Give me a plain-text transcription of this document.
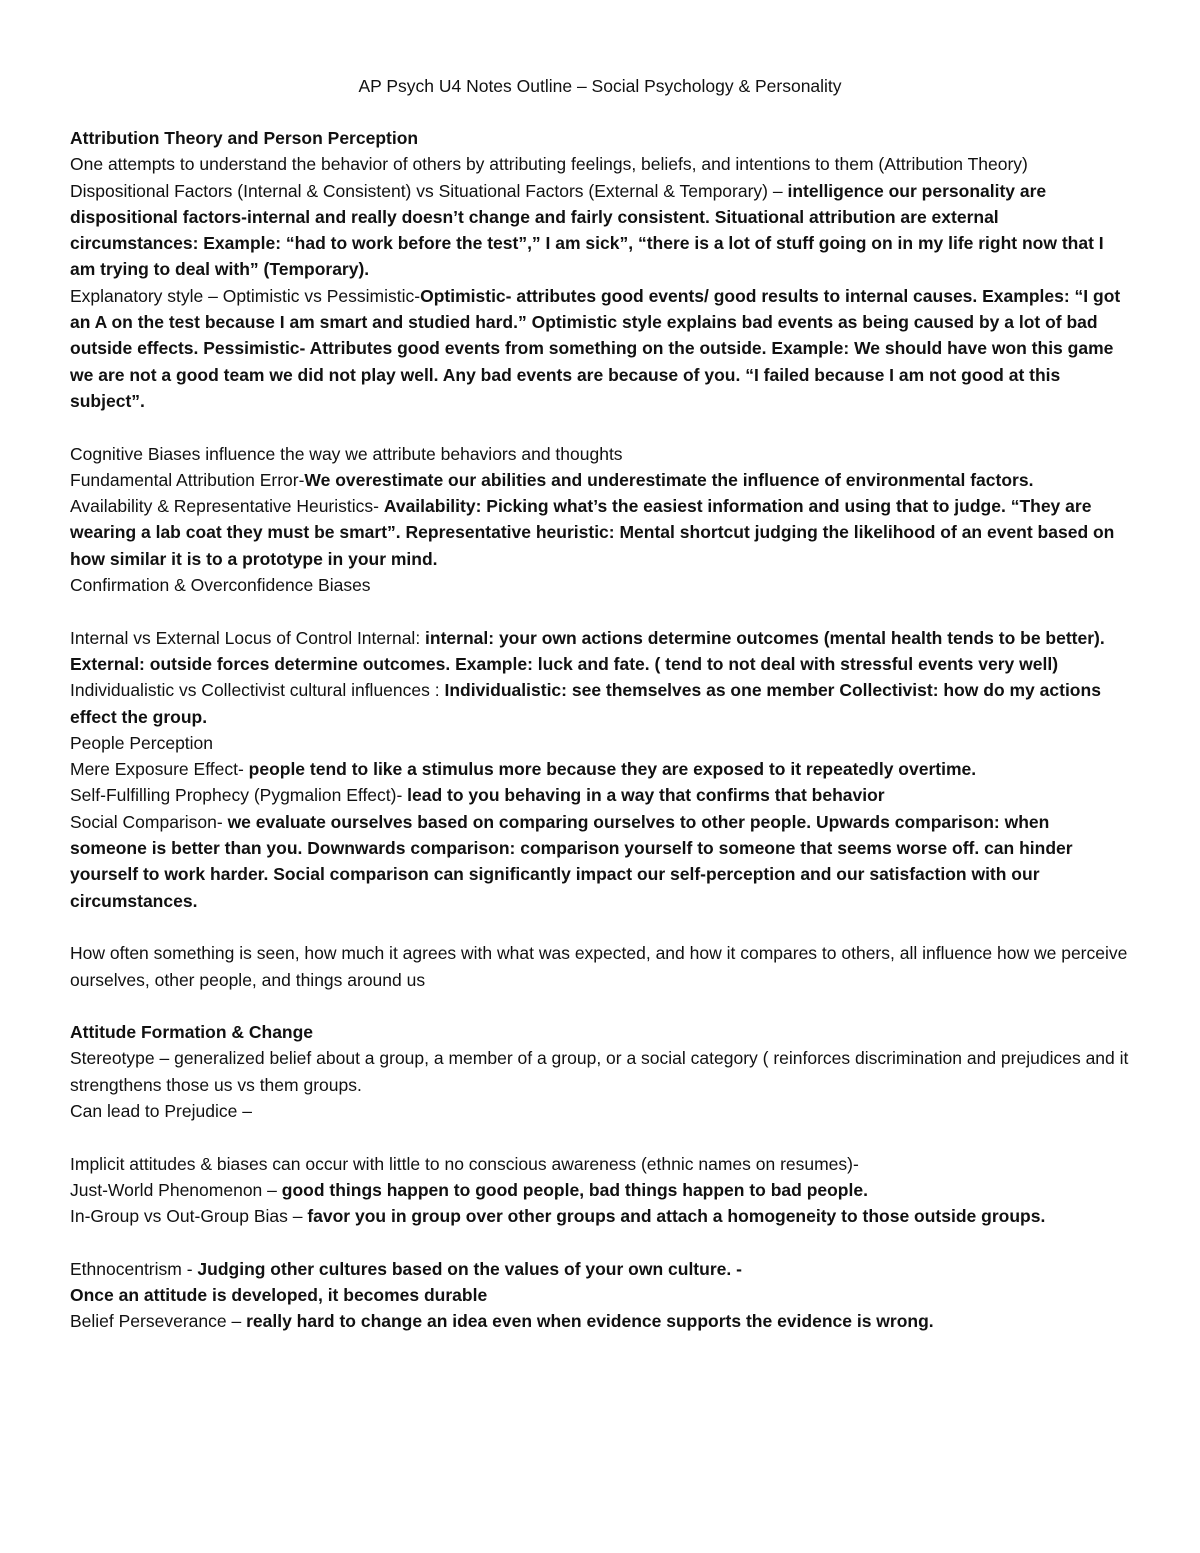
AP Psych U4 Notes Outline – Social Psychology & Personality

Attribution Theory and Person Perception

One attempts to understand the behavior of others by attributing feelings, beliefs, and intentions to them (Attribution Theory)

Dispositional Factors (Internal & Consistent) vs Situational Factors (External & Temporary) – intelligence our personality are dispositional factors-internal and really doesn’t change and fairly consistent. Situational attribution are external circumstances: Example: “had to work before the test”,” I am sick”, “there is a lot of stuff going on in my life right now that I am trying to deal with” (Temporary).

Explanatory style – Optimistic vs Pessimistic-Optimistic- attributes good events/ good results to internal causes. Examples: “I got an A on the test because I am smart and studied hard.” Optimistic style explains bad events as being caused by a lot of bad outside effects. Pessimistic- Attributes good events from something on the outside. Example: We should have won this game we are not a good team we did not play well. Any bad events are because of you. “I failed because I am not good at this subject”.

Cognitive Biases influence the way we attribute behaviors and thoughts

Fundamental Attribution Error-We overestimate our abilities and underestimate the influence of environmental factors.

Availability & Representative Heuristics- Availability: Picking what’s the easiest information and using that to judge. “They are wearing a lab coat they must be smart”. Representative heuristic: Mental shortcut judging the likelihood of an event based on how similar it is to a prototype in your mind.

Confirmation & Overconfidence Biases

Internal vs External Locus of Control Internal: internal: your own actions determine outcomes (mental health tends to be better). External: outside forces determine outcomes. Example: luck and fate. ( tend to not deal with stressful events very well)

Individualistic vs Collectivist cultural influences : Individualistic: see themselves as one member Collectivist: how do my actions effect the group.

People Perception

Mere Exposure Effect- people tend to like a stimulus more because they are exposed to it repeatedly overtime.

Self-Fulfilling Prophecy (Pygmalion Effect)- lead to you behaving in a way that confirms that behavior

Social Comparison- we evaluate ourselves based on comparing ourselves to other people. Upwards comparison: when someone is better than you. Downwards comparison: comparison yourself to someone that seems worse off. can hinder yourself to work harder. Social comparison can significantly impact our self-perception and our satisfaction with our circumstances.

How often something is seen, how much it agrees with what was expected, and how it compares to others, all influence how we perceive ourselves, other people, and things around us

Attitude Formation & Change

Stereotype – generalized belief about a group, a member of a group, or a social category ( reinforces discrimination and prejudices and it strengthens those us vs them groups.

Can lead to Prejudice –

Implicit attitudes & biases can occur with little to no conscious awareness (ethnic names on resumes)-

Just-World Phenomenon – good things happen to good people, bad things happen to bad people.

In-Group vs Out-Group Bias – favor you in group over other groups and attach a homogeneity to those outside groups.

Ethnocentrism - Judging other cultures based on the values of your own culture. -

Once an attitude is developed, it becomes durable

Belief Perseverance – really hard to change an idea even when evidence supports the evidence is wrong.
